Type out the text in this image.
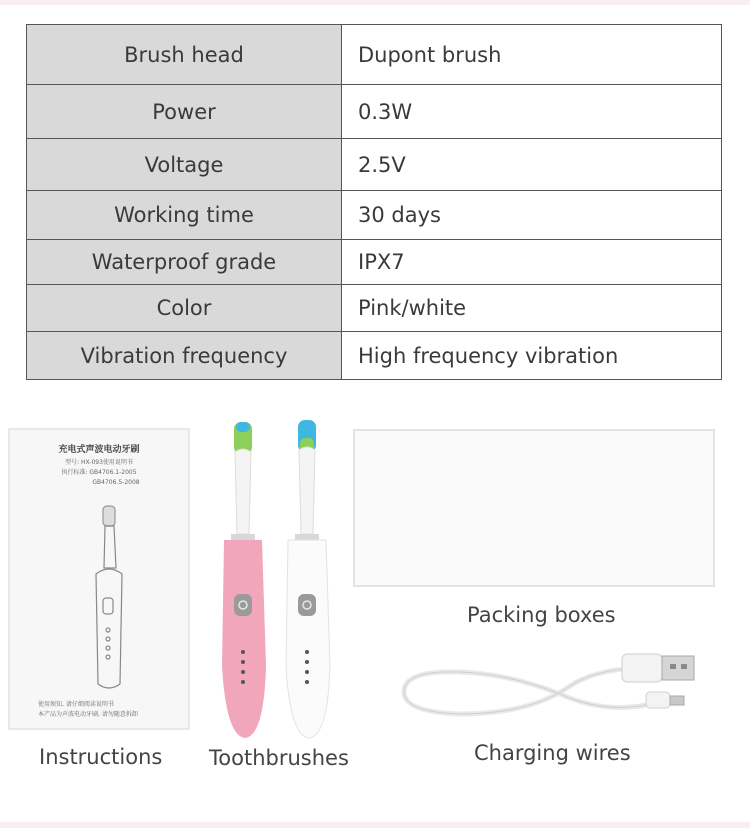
Brush head	Dupont brush
Power	0.3W
Voltage	2.5V
Working time	30 days
Waterproof grade	IPX7
Color	Pink/white
Vibration frequency	High frequency vibration
充电式声波电动牙刷
型号: HX-093使用说明书
执行标准: GB4706.1-2005
GB4706.5-2008
使用须知, 请仔细阅读说明书
本产品为声波电动牙刷, 请勿随意拆卸
Instructions Toothbrushes
Packing boxes
Charging wires
